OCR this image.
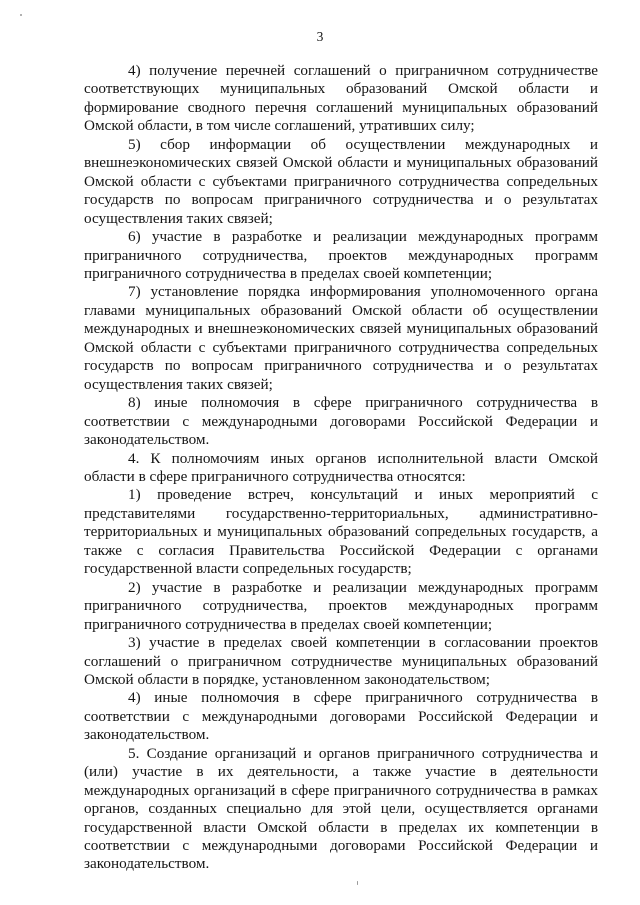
3

4) получение перечней соглашений о приграничном сотрудничестве соответствующих муниципальных образований Омской области и формирование сводного перечня соглашений муниципальных образований Омской области, в том числе соглашений, утративших силу;

5) сбор информации об осуществлении международных и внешнеэкономических связей Омской области и муниципальных образований Омской области с субъектами приграничного сотрудничества сопредельных государств по вопросам приграничного сотрудничества и о результатах осуществления таких связей;

6) участие в разработке и реализации международных программ приграничного сотрудничества, проектов международных программ приграничного сотрудничества в пределах своей компетенции;

7) установление порядка информирования уполномоченного органа главами муниципальных образований Омской области об осуществлении международных и внешнеэкономических связей муниципальных образований Омской области с субъектами приграничного сотрудничества сопредельных государств по вопросам приграничного сотрудничества и о результатах осуществления таких связей;

8) иные полномочия в сфере приграничного сотрудничества в соответствии с международными договорами Российской Федерации и законодательством.

4. К полномочиям иных органов исполнительной власти Омской области в сфере приграничного сотрудничества относятся:

1) проведение встреч, консультаций и иных мероприятий с представителями государственно-территориальных, административно-территориальных и муниципальных образований сопредельных государств, а также с согласия Правительства Российской Федерации с органами государственной власти сопредельных государств;

2) участие в разработке и реализации международных программ приграничного сотрудничества, проектов международных программ приграничного сотрудничества в пределах своей компетенции;

3) участие в пределах своей компетенции в согласовании проектов соглашений о приграничном сотрудничестве муниципальных образований Омской области в порядке, установленном законодательством;

4) иные полномочия в сфере приграничного сотрудничества в соответствии с международными договорами Российской Федерации и законодательством.

5. Создание организаций и органов приграничного сотрудничества и (или) участие в их деятельности, а также участие в деятельности международных организаций в сфере приграничного сотрудничества в рамках органов, созданных специально для этой цели, осуществляется органами государственной власти Омской области в пределах их компетенции в соответствии с международными договорами Российской Федерации и законодательством.
